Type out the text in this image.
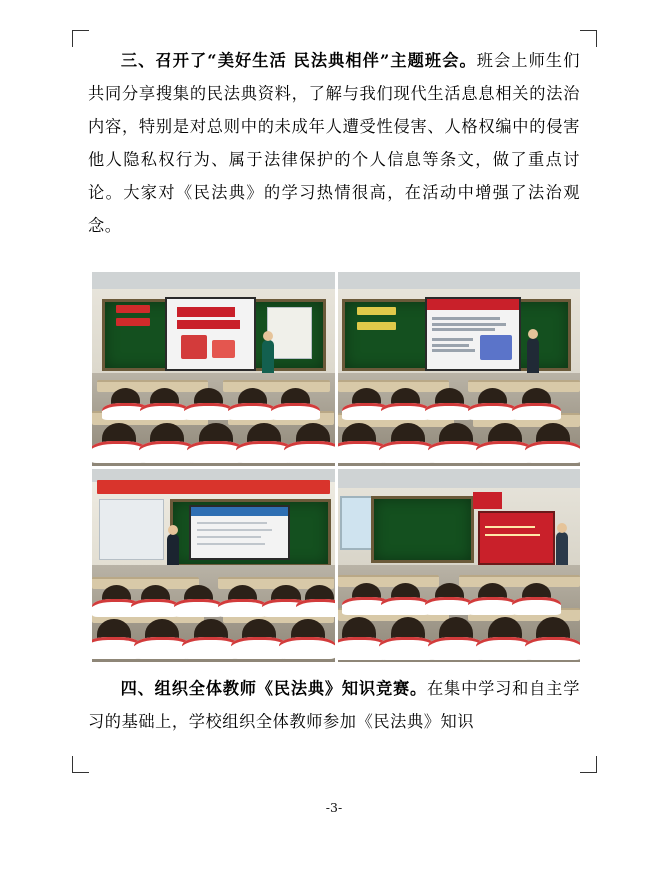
三、召开了“美好生活 民法典相伴”主题班会。班会上师生们共同分享搜集的民法典资料，了解与我们现代生活息息相关的法治内容，特别是对总则中的未成年人遭受性侵害、人格权编中的侵害他人隐私权行为、属于法律保护的个人信息等条文，做了重点讨论。大家对《民法典》的学习热情很高，在活动中增强了法治观念。

四、组织全体教师《民法典》知识竞赛。在集中学习和自主学习的基础上，学校组织全体教师参加《民法典》知识

-3-
